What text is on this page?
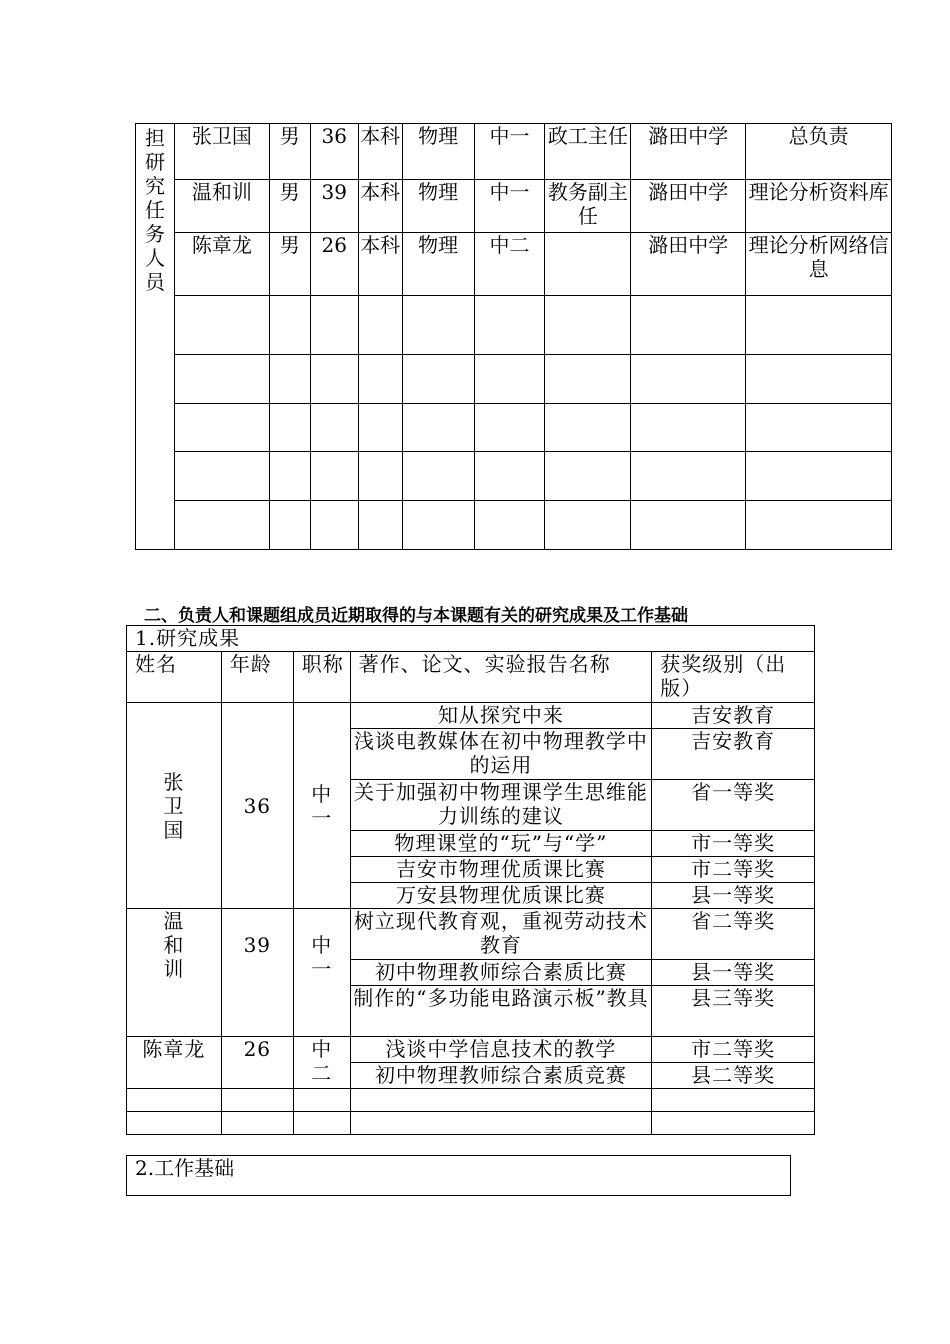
担研究任务人员	张卫国	男	36	本科	物理	中一	政工主任	潞田中学	总负责
	温和训	男	39	本科	物理	中一	教务副主任	潞田中学	理论分析资料库
	陈章龙	男	26	本科	物理	中二		潞田中学	理论分析网络信息

二、负责人和课题组成员近期取得的与本课题有关的研究成果及工作基础
1.研究成果				
姓名	年龄	职称	著作、论文、实验报告名称	获奖级别（出版）
张卫国	36	中一	知从探究中来	吉安教育
			浅谈电教媒体在初中物理教学中的运用	吉安教育
			关于加强初中物理课学生思维能力训练的建议	省一等奖
			物理课堂的“玩”与“学”	市一等奖
			吉安市物理优质课比赛	市二等奖
			万安县物理优质课比赛	县一等奖
温和训	39	中一	树立现代教育观，重视劳动技术教育	省二等奖
			初中物理教师综合素质比赛	县一等奖
			制作的“多功能电路演示板”教具	县三等奖
陈章龙	26	中二	浅谈中学信息技术的教学	市二等奖
			初中物理教师综合素质竞赛	县二等奖

2.工作基础
